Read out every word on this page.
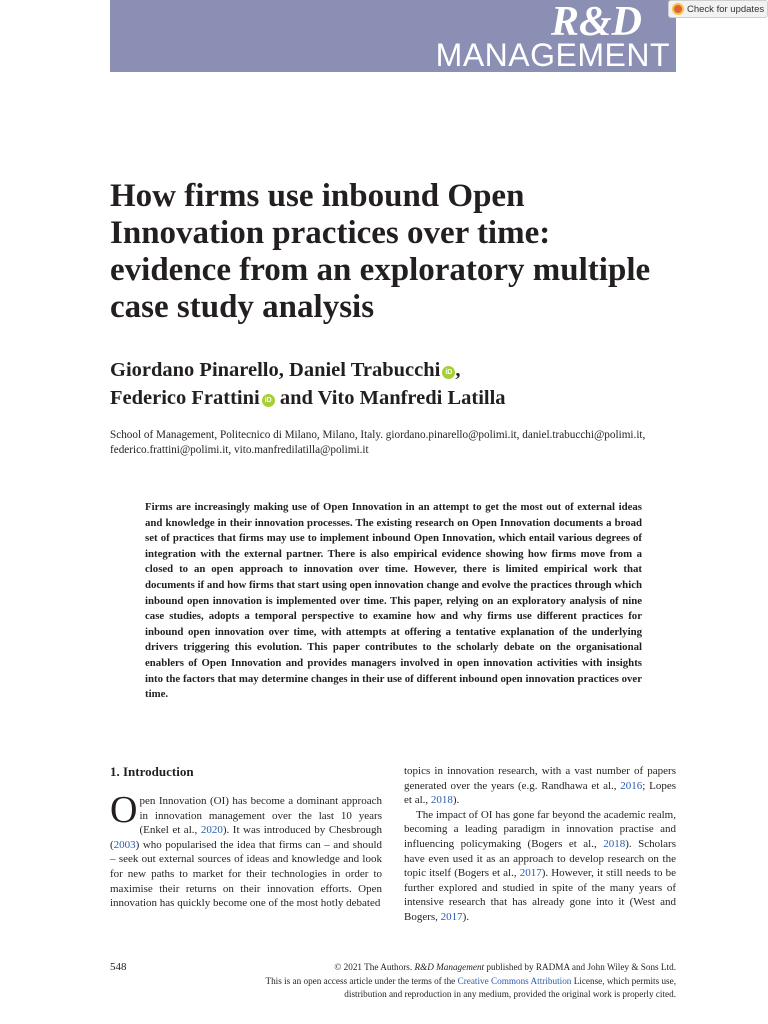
R&D
MANAGEMENT
Check for updates
How firms use inbound Open Innovation practices over time: evidence from an exploratory multiple case study analysis

Giordano Pinarello, Daniel Trabucchi iD ,
Federico Frattini iD and Vito Manfredi Latilla

School of Management, Politecnico di Milano, Milano, Italy. giordano.pinarello@polimi.it, daniel.trabucchi@polimi.it, federico.frattini@polimi.it, vito.manfredilatilla@polimi.it

Firms are increasingly making use of Open Innovation in an attempt to get the most out of external ideas and knowledge in their innovation processes. The existing research on Open Innovation documents a broad set of practices that firms may use to implement inbound Open Innovation, which entail various degrees of integration with the external partner. There is also empirical evidence showing how firms move from a closed to an open approach to innovation over time. However, there is limited empirical work that documents if and how firms that start using open innovation change and evolve the practices through which inbound open innovation is implemented over time. This paper, relying on an exploratory analysis of nine case studies, adopts a temporal perspective to examine how and why firms use different practices for inbound open innovation over time, with attempts at offering a tentative explanation of the underlying drivers triggering this evolution. This paper contributes to the scholarly debate on the organisational enablers of Open Innovation and provides managers involved in open innovation activities with insights into the factors that may determine changes in their use of different inbound open innovation practices over time.

1. Introduction

Open Innovation (OI) has become a dominant approach in innovation management over the last 10 years (Enkel et al., 2020). It was introduced by Chesbrough (2003) who popularised the idea that firms can – and should – seek out external sources of ideas and knowledge and look for new paths to market for their technologies in order to maximise their returns on their innovation efforts. Open innovation has quickly become one of the most hotly debated

topics in innovation research, with a vast number of papers generated over the years (e.g. Randhawa et al., 2016; Lopes et al., 2018).

The impact of OI has gone far beyond the academic realm, becoming a leading paradigm in innovation practise and influencing policymaking (Bogers et al., 2018). Scholars have even used it as an approach to develop research on the topic itself (Bogers et al., 2017). However, it still needs to be further explored and studied in spite of the many years of intensive research that has already gone into it (West and Bogers, 2017).

548	© 2021 The Authors. R&D Management published by RADMA and John Wiley & Sons Ltd.
This is an open access article under the terms of the Creative Commons Attribution License, which permits use,
distribution and reproduction in any medium, provided the original work is properly cited.
